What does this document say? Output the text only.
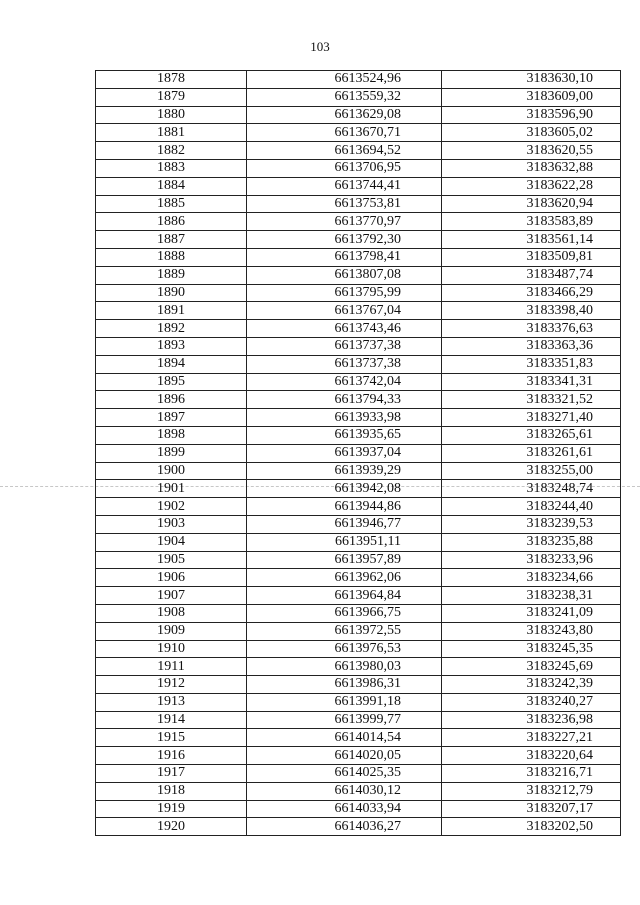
103
1878	6613524,96	3183630,10
1879	6613559,32	3183609,00
1880	6613629,08	3183596,90
1881	6613670,71	3183605,02
1882	6613694,52	3183620,55
1883	6613706,95	3183632,88
1884	6613744,41	3183622,28
1885	6613753,81	3183620,94
1886	6613770,97	3183583,89
1887	6613792,30	3183561,14
1888	6613798,41	3183509,81
1889	6613807,08	3183487,74
1890	6613795,99	3183466,29
1891	6613767,04	3183398,40
1892	6613743,46	3183376,63
1893	6613737,38	3183363,36
1894	6613737,38	3183351,83
1895	6613742,04	3183341,31
1896	6613794,33	3183321,52
1897	6613933,98	3183271,40
1898	6613935,65	3183265,61
1899	6613937,04	3183261,61
1900	6613939,29	3183255,00
1901	6613942,08	3183248,74
1902	6613944,86	3183244,40
1903	6613946,77	3183239,53
1904	6613951,11	3183235,88
1905	6613957,89	3183233,96
1906	6613962,06	3183234,66
1907	6613964,84	3183238,31
1908	6613966,75	3183241,09
1909	6613972,55	3183243,80
1910	6613976,53	3183245,35
1911	6613980,03	3183245,69
1912	6613986,31	3183242,39
1913	6613991,18	3183240,27
1914	6613999,77	3183236,98
1915	6614014,54	3183227,21
1916	6614020,05	3183220,64
1917	6614025,35	3183216,71
1918	6614030,12	3183212,79
1919	6614033,94	3183207,17
1920	6614036,27	3183202,50
